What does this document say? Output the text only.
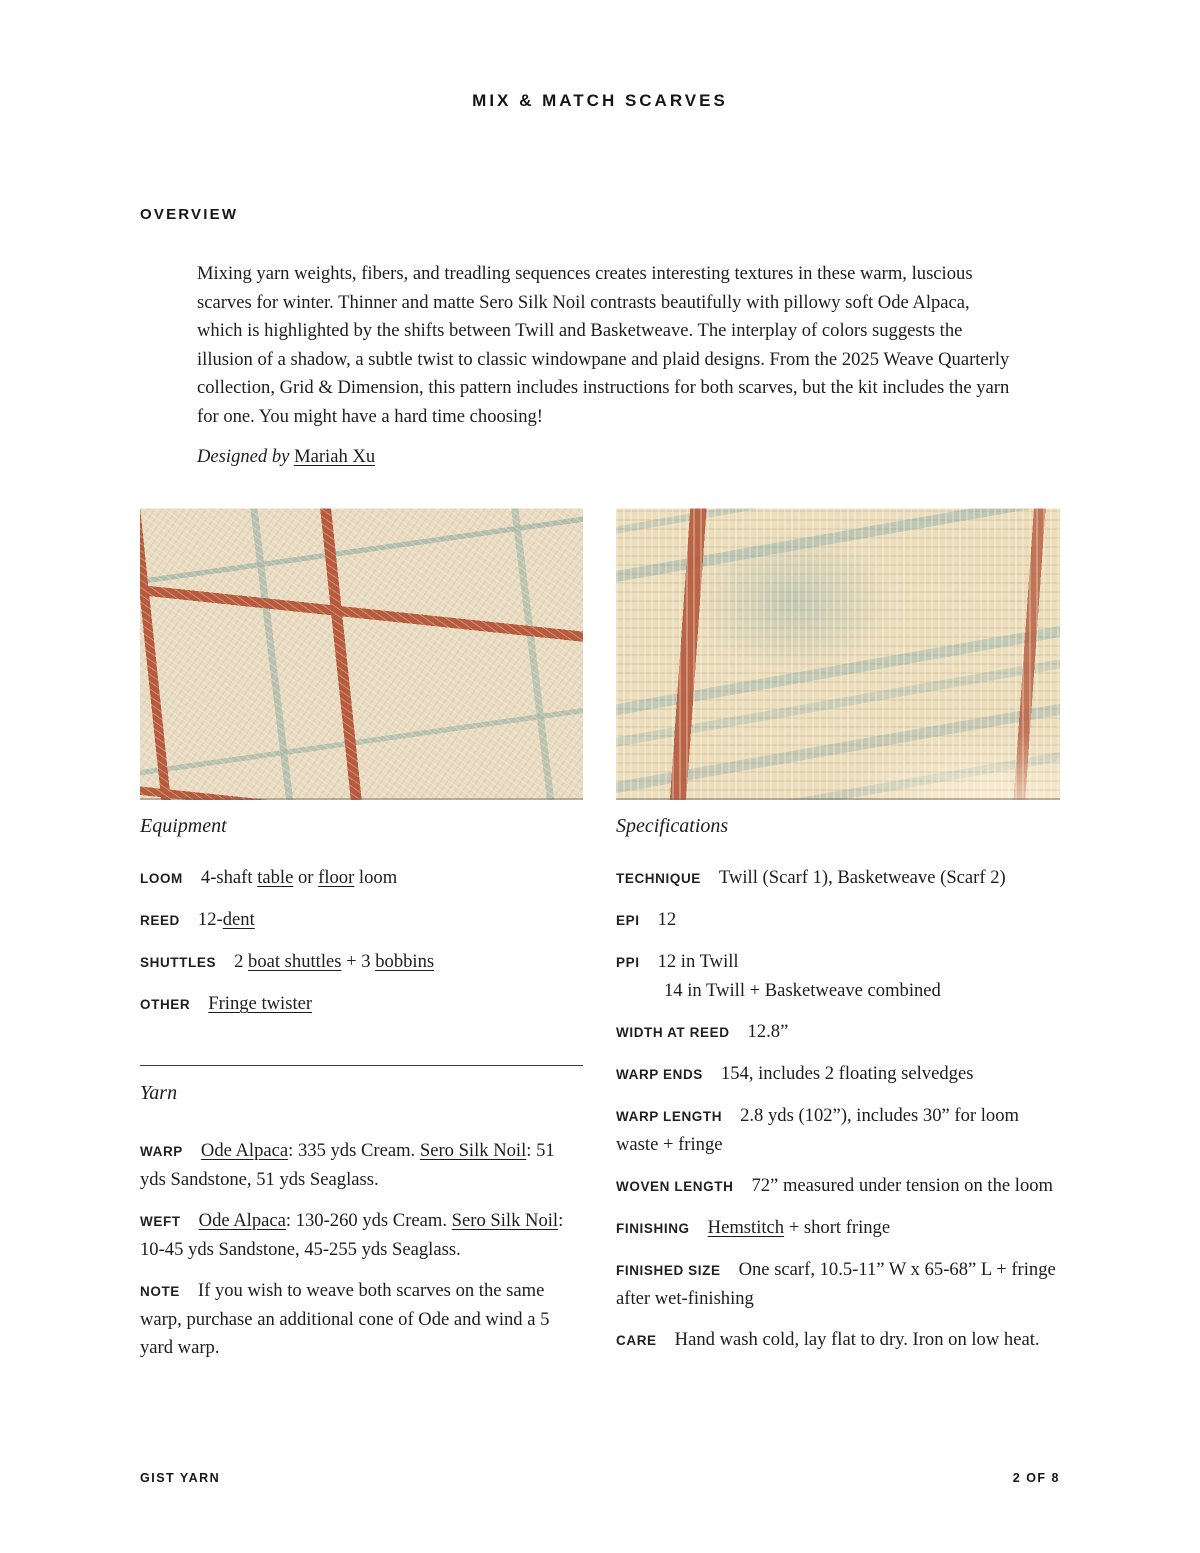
MIX & MATCH SCARVES
OVERVIEW

Mixing yarn weights, fibers, and treadling sequences creates interesting textures in these warm, luscious scarves for winter. Thinner and matte Sero Silk Noil contrasts beautifully with pillowy soft Ode Alpaca, which is highlighted by the shifts between Twill and Basketweave. The interplay of colors suggests the illusion of a shadow, a subtle twist to classic windowpane and plaid designs. From the 2025 Weave Quarterly collection, Grid & Dimension, this pattern includes instructions for both scarves, but the kit includes the yarn for one. You might have a hard time choosing!

Designed by Mariah Xu

Equipment

LOOM 4-shaft table or floor loom

REED 12-dent

SHUTTLES 2 boat shuttles + 3 bobbins

OTHER Fringe twister

Yarn

WARP Ode Alpaca: 335 yds Cream. Sero Silk Noil: 51 yds Sandstone, 51 yds Seaglass.

WEFT Ode Alpaca: 130-260 yds Cream. Sero Silk Noil: 10-45 yds Sandstone, 45-255 yds Seaglass.

NOTE If you wish to weave both scarves on the same warp, purchase an additional cone of Ode and wind a 5 yard warp.

Specifications

TECHNIQUE Twill (Scarf 1), Basketweave (Scarf 2)

EPI 12

PPI 12 in Twill
14 in Twill + Basketweave combined

WIDTH AT REED 12.8”

WARP ENDS 154, includes 2 floating selvedges

WARP LENGTH 2.8 yds (102”), includes 30” for loom waste + fringe

WOVEN LENGTH 72” measured under tension on the loom

FINISHING Hemstitch + short fringe

FINISHED SIZE One scarf, 10.5-11” W x 65-68” L + fringe after wet-finishing

CARE Hand wash cold, lay flat to dry. Iron on low heat.

GIST YARN	2 OF 8
